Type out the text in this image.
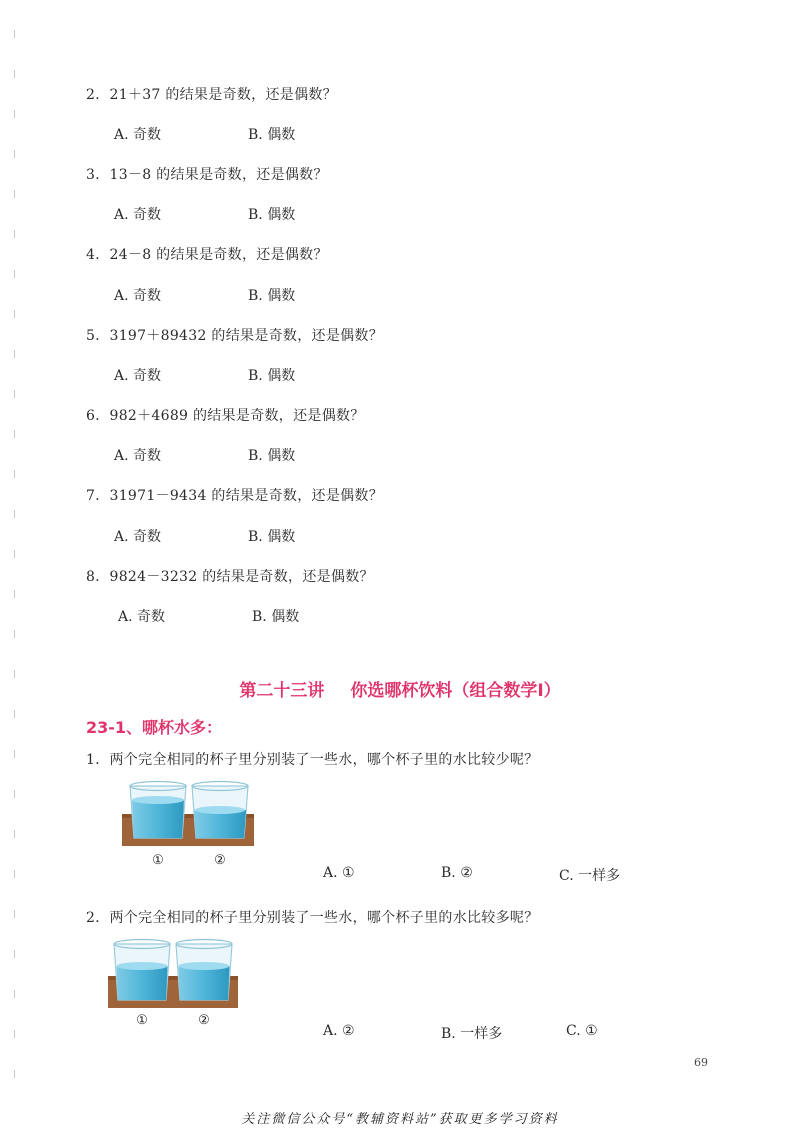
2．21＋37 的结果是奇数，还是偶数？
A. 奇数	B. 偶数
3．13－8 的结果是奇数，还是偶数？
A. 奇数	B. 偶数
4．24－8 的结果是奇数，还是偶数？
A. 奇数	B. 偶数
5．3197＋89432 的结果是奇数，还是偶数？
A. 奇数	B. 偶数
6．982＋4689 的结果是奇数，还是偶数？
A. 奇数	B. 偶数
7．31971－9434 的结果是奇数，还是偶数？
A. 奇数	B. 偶数
8．9824－3232 的结果是奇数，还是偶数？
A. 奇数	B. 偶数
第二十三讲 你选哪杯饮料（组合数学Ⅰ）
23-1、哪杯水多：
1．两个完全相同的杯子里分别装了一些水，哪个杯子里的水比较少呢？
①	②
A. ①	B. ②	C. 一样多
2．两个完全相同的杯子里分别装了一些水，哪个杯子里的水比较多呢？
①	②
A. ②	B. 一样多	C. ①
69
关注微信公众号“教辅资料站”获取更多学习资料
